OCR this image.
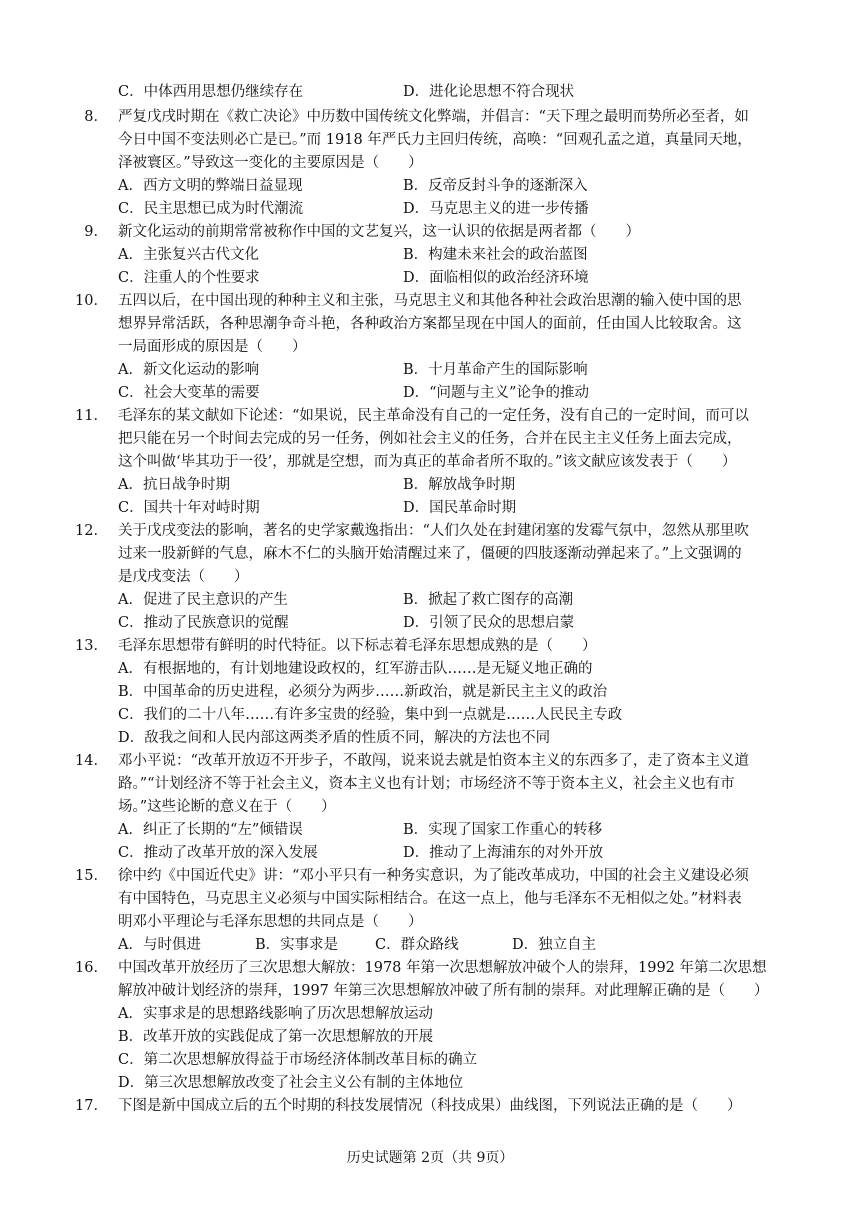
C．中体西用思想仍继续存在	D．进化论思想不符合现状
8． 严复戊戌时期在《救亡决论》中历数中国传统文化弊端，并倡言：“天下理之最明而势所必至者，如
今日中国不变法则必亡是已。”而 1918 年严氏力主回归传统，高唤：“回观孔孟之道，真量同天地，
泽被寰区。”导致这一变化的主要原因是（　　）
A．西方文明的弊端日益显现	B．反帝反封斗争的逐渐深入
C．民主思想已成为时代潮流	D．马克思主义的进一步传播
9． 新文化运动的前期常常被称作中国的文艺复兴，这一认识的依据是两者都（　　）
A．主张复兴古代文化	B．构建未来社会的政治蓝图
C．注重人的个性要求	D．面临相似的政治经济环境
10． 五四以后，在中国出现的种种主义和主张，马克思主义和其他各种社会政治思潮的输入使中国的思
想界异常活跃，各种思潮争奇斗艳，各种政治方案都呈现在中国人的面前，任由国人比较取舍。这
一局面形成的原因是（　　）
A．新文化运动的影响	B．十月革命产生的国际影响
C．社会大变革的需要	D．“问题与主义”论争的推动
11． 毛泽东的某文献如下论述：“如果说，民主革命没有自己的一定任务，没有自己的一定时间，而可以
把只能在另一个时间去完成的另一任务，例如社会主义的任务，合并在民主主义任务上面去完成，
这个叫做‘毕其功于一役’，那就是空想，而为真正的革命者所不取的。”该文献应该发表于（　　）
A．抗日战争时期	B．解放战争时期
C．国共十年对峙时期	D．国民革命时期
12． 关于戊戌变法的影响，著名的史学家戴逸指出：“人们久处在封建闭塞的发霉气氛中，忽然从那里吹
过来一股新鲜的气息，麻木不仁的头脑开始清醒过来了，僵硬的四肢逐渐动弹起来了。”上文强调的
是戊戌变法（　　）
A．促进了民主意识的产生	B．掀起了救亡图存的高潮
C．推动了民族意识的觉醒	D．引领了民众的思想启蒙
13． 毛泽东思想带有鲜明的时代特征。以下标志着毛泽东思想成熟的是（　　）
A．有根据地的，有计划地建设政权的，红军游击队……是无疑义地正确的
B．中国革命的历史进程，必须分为两步……新政治，就是新民主主义的政治
C．我们的二十八年……有许多宝贵的经验，集中到一点就是……人民民主专政
D．敌我之间和人民内部这两类矛盾的性质不同，解决的方法也不同
14． 邓小平说：“改革开放迈不开步子，不敢闯，说来说去就是怕资本主义的东西多了，走了资本主义道
路。”“计划经济不等于社会主义，资本主义也有计划；市场经济不等于资本主义，社会主义也有市
场。”这些论断的意义在于（　　）
A．纠正了长期的“左”倾错误	B．实现了国家工作重心的转移
C．推动了改革开放的深入发展	D．推动了上海浦东的对外开放
15． 徐中约《中国近代史》讲：“邓小平只有一种务实意识，为了能改革成功，中国的社会主义建设必须
有中国特色，马克思主义必须与中国实际相结合。在这一点上，他与毛泽东不无相似之处。”材料表
明邓小平理论与毛泽东思想的共同点是（　　）
A．与时俱进	B．实事求是	C．群众路线	D．独立自主
16． 中国改革开放经历了三次思想大解放：1978 年第一次思想解放冲破个人的崇拜，1992 年第二次思想
解放冲破计划经济的崇拜，1997 年第三次思想解放冲破了所有制的崇拜。对此理解正确的是（　　）
A．实事求是的思想路线影响了历次思想解放运动
B．改革开放的实践促成了第一次思想解放的开展
C．第二次思想解放得益于市场经济体制改革目标的确立
D．第三次思想解放改变了社会主义公有制的主体地位
17． 下图是新中国成立后的五个时期的科技发展情况（科技成果）曲线图，下列说法正确的是（　　）
历史试题第 2页（共 9页）
